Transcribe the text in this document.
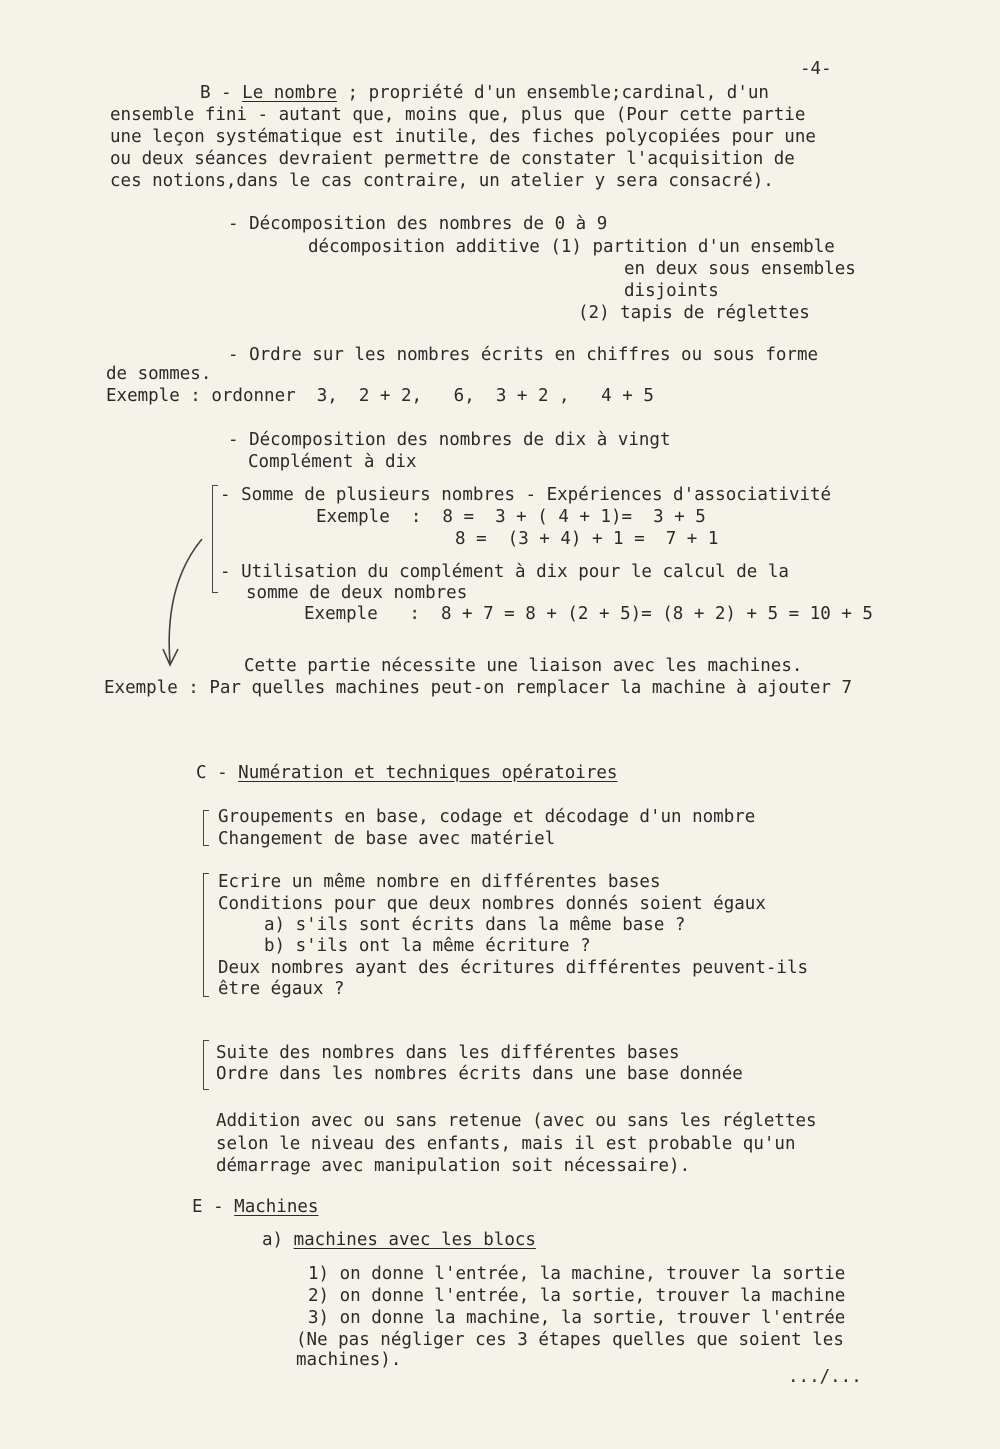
-4-
B - Le nombre ; propriété d'un ensemble;cardinal, d'un
ensemble fini - autant que, moins que, plus que (Pour cette partie
une leçon systématique est inutile, des fiches polycopiées pour une
ou deux séances devraient permettre de constater l'acquisition de
ces notions,dans le cas contraire, un atelier y sera consacré).
- Décomposition des nombres de 0 à 9
décomposition additive (1) partition d'un ensemble
en deux sous ensembles
disjoints
(2) tapis de réglettes
- Ordre sur les nombres écrits en chiffres ou sous forme
de sommes.
Exemple : ordonner  3,  2 + 2,   6,  3 + 2 ,   4 + 5
- Décomposition des nombres de dix à vingt
Complément à dix
- Somme de plusieurs nombres - Expériences d'associativité
Exemple  :  8 =  3 + ( 4 + 1)=  3 + 5
8 =  (3 + 4) + 1 =  7 + 1
- Utilisation du complément à dix pour le calcul de la
somme de deux nombres
Exemple   :  8 + 7 = 8 + (2 + 5)= (8 + 2) + 5 = 10 + 5
Cette partie nécessite une liaison avec les machines.
Exemple : Par quelles machines peut-on remplacer la machine à ajouter 7
C - Numération et techniques opératoires
Groupements en base, codage et décodage d'un nombre
Changement de base avec matériel
Ecrire un même nombre en différentes bases
Conditions pour que deux nombres donnés soient égaux
a) s'ils sont écrits dans la même base ?
b) s'ils ont la même écriture ?
Deux nombres ayant des écritures différentes peuvent-ils
être égaux ?
Suite des nombres dans les différentes bases
Ordre dans les nombres écrits dans une base donnée
Addition avec ou sans retenue (avec ou sans les réglettes
selon le niveau des enfants, mais il est probable qu'un
démarrage avec manipulation soit nécessaire).
E - Machines
a) machines avec les blocs
1) on donne l'entrée, la machine, trouver la sortie
2) on donne l'entrée, la sortie, trouver la machine
3) on donne la machine, la sortie, trouver l'entrée
(Ne pas négliger ces 3 étapes quelles que soient les
machines).
.../...
